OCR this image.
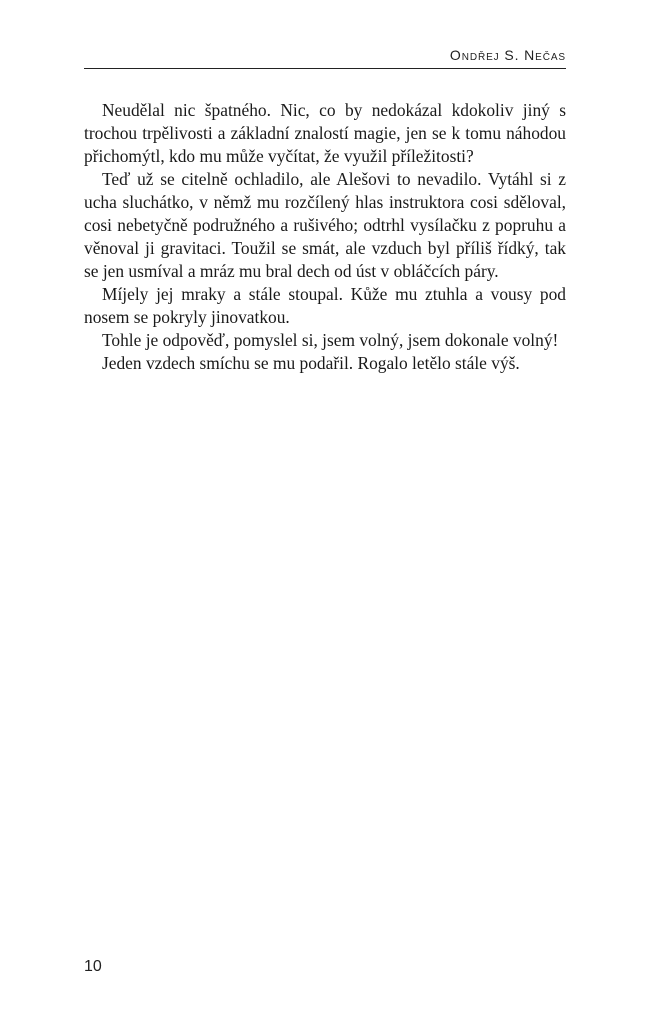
Ondřej S. Nečas

Neudělal nic špatného. Nic, co by nedokázal kdokoliv jiný s trochou trpělivosti a základní znalostí magie, jen se k tomu náhodou přichomýtl, kdo mu může vyčítat, že využil příležitosti?

Teď už se citelně ochladilo, ale Alešovi to nevadilo. Vytáhl si z ucha sluchátko, v němž mu rozčílený hlas instruktora cosi sděloval, cosi nebetyčně podružného a rušivého; odtrhl vysílačku z popruhu a věnoval ji gravitaci. Toužil se smát, ale vzduch byl příliš řídký, tak se jen usmíval a mráz mu bral dech od úst v obláčcích páry.

Míjely jej mraky a stále stoupal. Kůže mu ztuhla a vousy pod nosem se pokryly jinovatkou.

Tohle je odpověď, pomyslel si, jsem volný, jsem dokonale volný!

Jeden vzdech smíchu se mu podařil. Rogalo letělo stále výš.

10
